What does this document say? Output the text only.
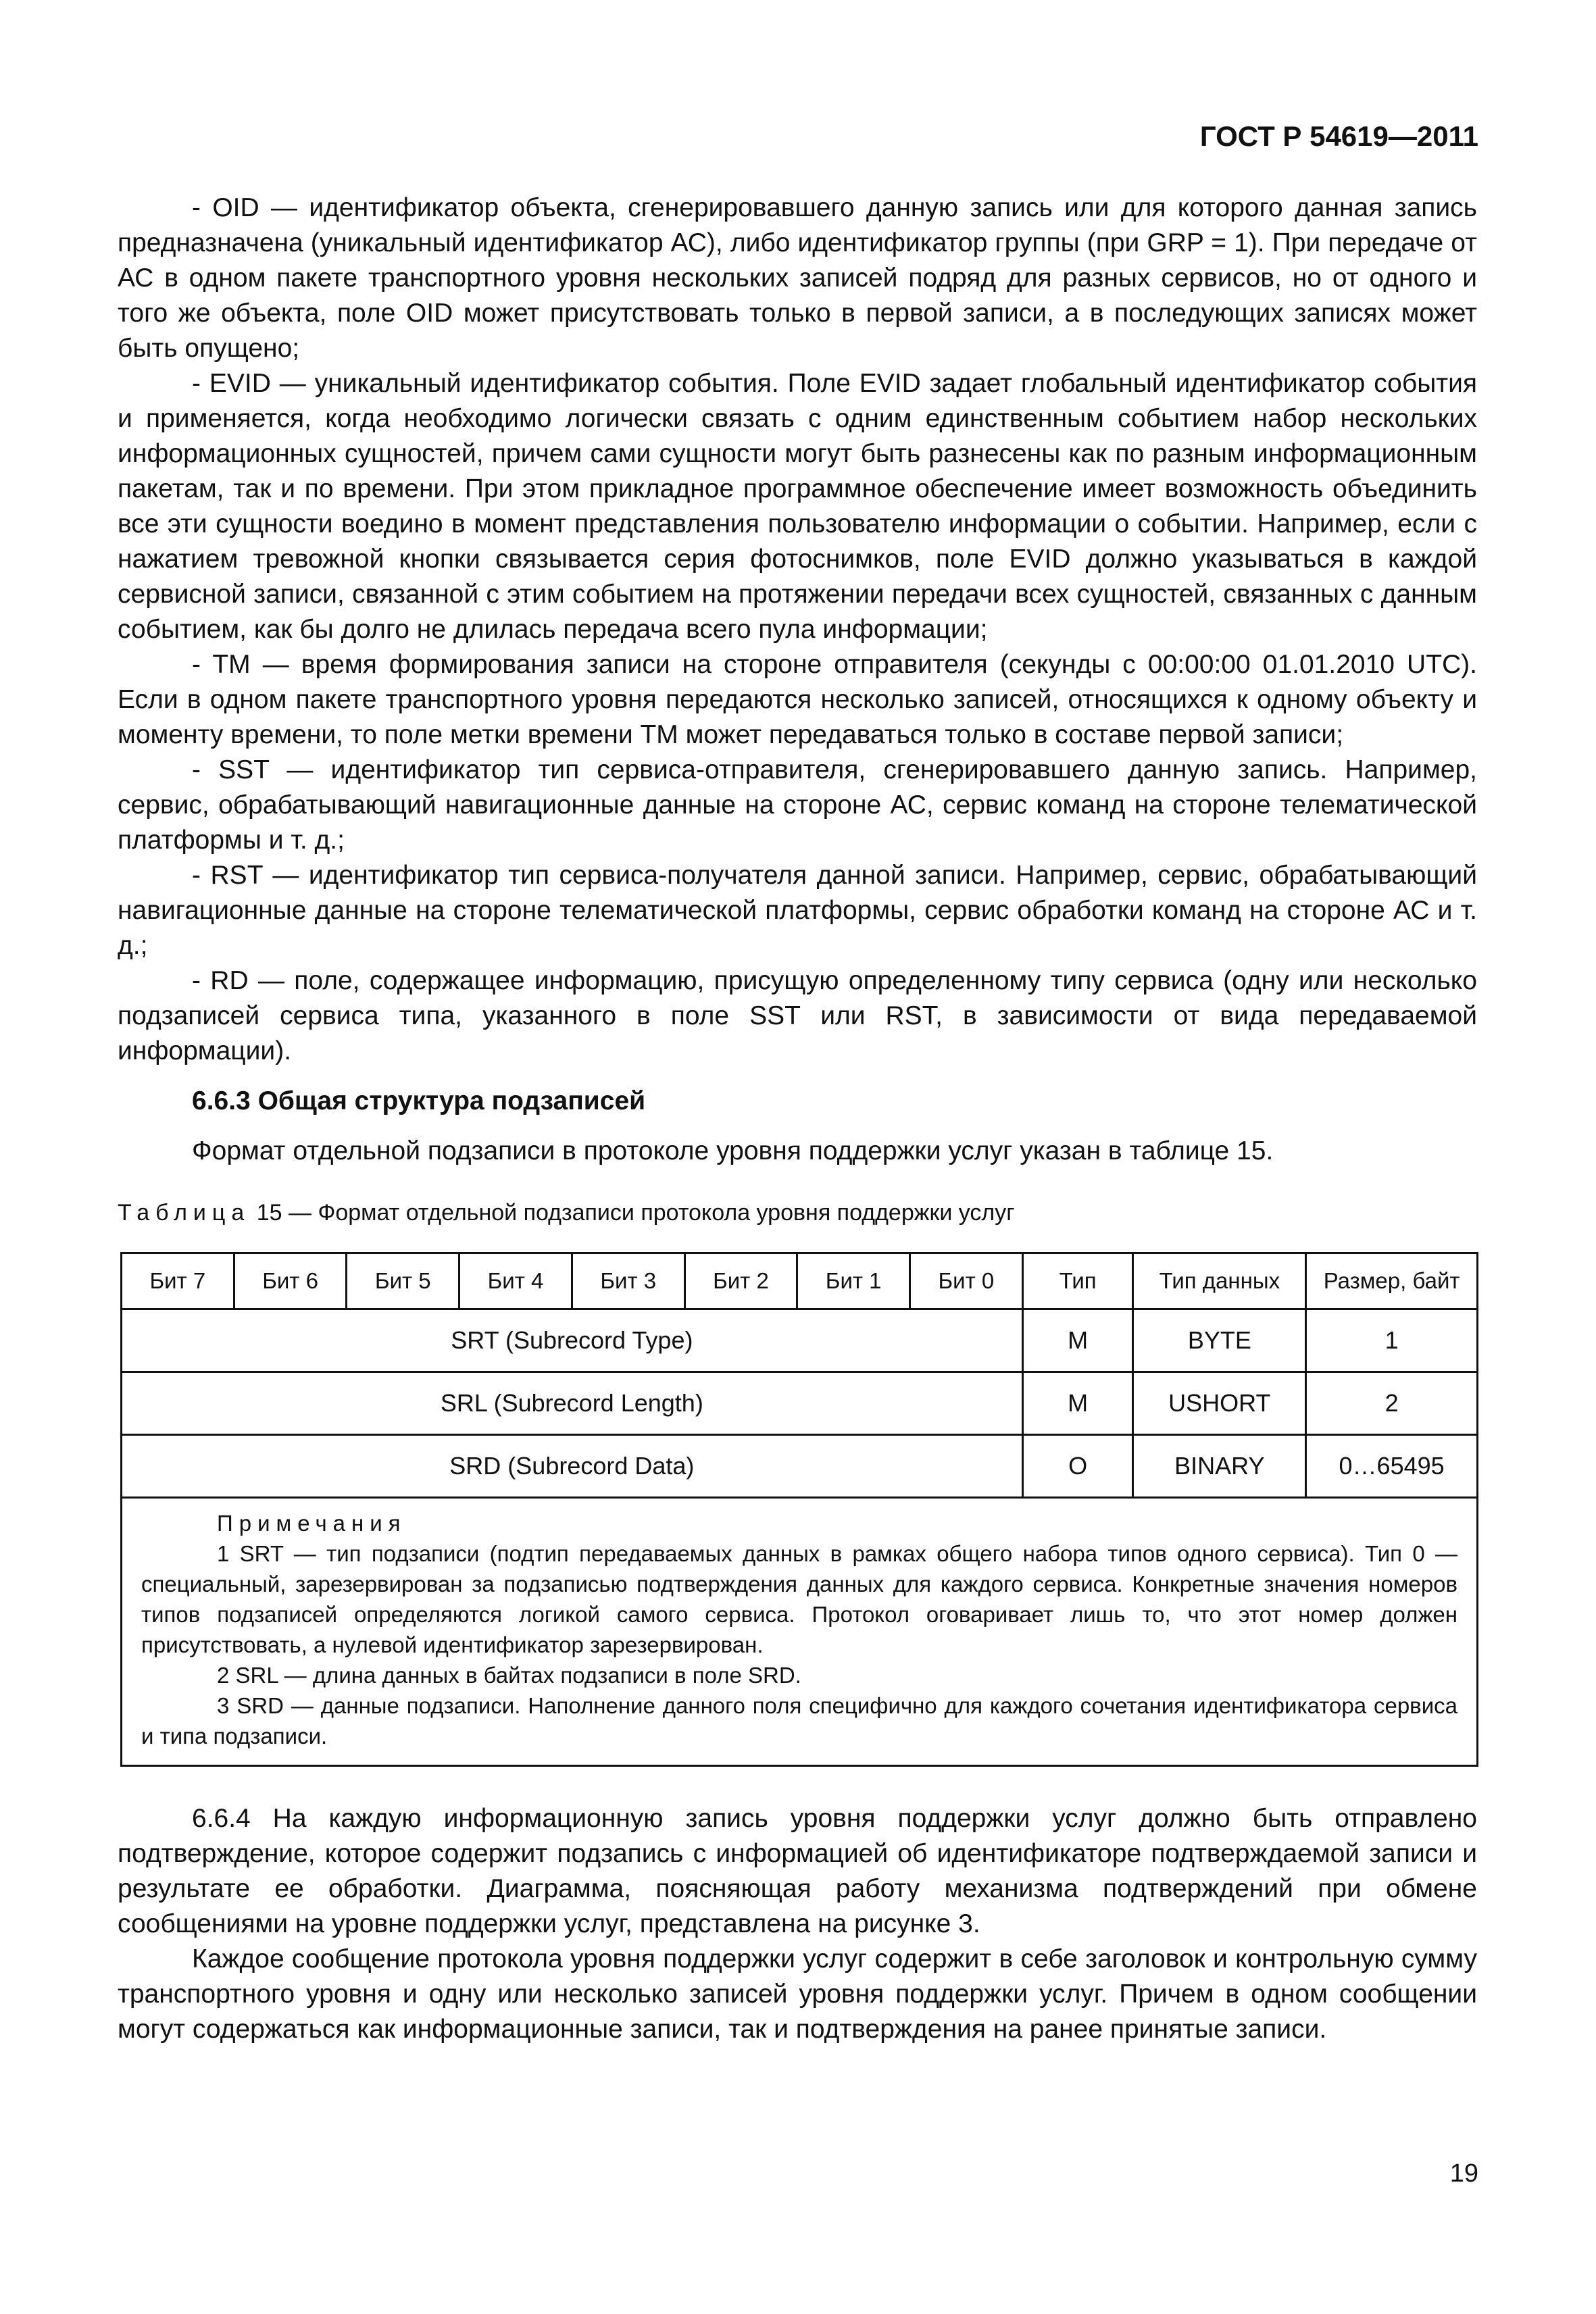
ГОСТ Р 54619—2011

- OID — идентификатор объекта, сгенерировавшего данную запись или для которого данная запись предназначена (уникальный идентификатор АС), либо идентификатор группы (при GRP = 1). При передаче от АС в одном пакете транспортного уровня нескольких записей подряд для разных сервисов, но от одного и того же объекта, поле OID может присутствовать только в первой записи, а в последующих записях может быть опущено;

- EVID — уникальный идентификатор события. Поле EVID задает глобальный идентификатор события и применяется, когда необходимо логически связать с одним единственным событием набор нескольких информационных сущностей, причем сами сущности могут быть разнесены как по разным информационным пакетам, так и по времени. При этом прикладное программное обеспечение имеет возможность объединить все эти сущности воедино в момент представления пользователю информации о событии. Например, если с нажатием тревожной кнопки связывается серия фотоснимков, поле EVID должно указываться в каждой сервисной записи, связанной с этим событием на протяжении передачи всех сущностей, связанных с данным событием, как бы долго не длилась передача всего пула информации;

- TM — время формирования записи на стороне отправителя (секунды с 00:00:00 01.01.2010 UTC). Если в одном пакете транспортного уровня передаются несколько записей, относящихся к одному объекту и моменту времени, то поле метки времени TM может передаваться только в составе первой записи;

- SST — идентификатор тип сервиса-отправителя, сгенерировавшего данную запись. Например, сервис, обрабатывающий навигационные данные на стороне АС, сервис команд на стороне телематической платформы и т. д.;

- RST — идентификатор тип сервиса-получателя данной записи. Например, сервис, обрабатывающий навигационные данные на стороне телематической платформы, сервис обработки команд на стороне АС и т. д.;

- RD — поле, содержащее информацию, присущую определенному типу сервиса (одну или несколько подзаписей сервиса типа, указанного в поле SST или RST, в зависимости от вида передаваемой информации).

6.6.3 Общая структура подзаписей

Формат отдельной подзаписи в протоколе уровня поддержки услуг указан в таблице 15.

Таблица 15 — Формат отдельной подзаписи протокола уровня поддержки услуг
Бит 7	Бит 6	Бит 5	Бит 4	Бит 3	Бит 2	Бит 1	Бит 0	Тип	Тип данных	Размер, байт
SRT (Subrecord Type)								M	BYTE	1
SRL (Subrecord Length)								M	USHORT	2
SRD (Subrecord Data)								O	BINARY	0…65495

Примечания

1 SRT — тип подзаписи (подтип передаваемых данных в рамках общего набора типов одного сервиса). Тип 0 — специальный, зарезервирован за подзаписью подтверждения данных для каждого сервиса. Конкретные значения номеров типов подзаписей определяются логикой самого сервиса. Протокол оговаривает лишь то, что этот номер должен присутствовать, а нулевой идентификатор зарезервирован.

2 SRL — длина данных в байтах подзаписи в поле SRD.

3 SRD — данные подзаписи. Наполнение данного поля специфично для каждого сочетания идентификатора сервиса и типа подзаписи.										

6.6.4 На каждую информационную запись уровня поддержки услуг должно быть отправлено подтверждение, которое содержит подзапись с информацией об идентификаторе подтверждаемой записи и результате ее обработки. Диаграмма, поясняющая работу механизма подтверждений при обмене сообщениями на уровне поддержки услуг, представлена на рисунке 3.

Каждое сообщение протокола уровня поддержки услуг содержит в себе заголовок и контрольную сумму транспортного уровня и одну или несколько записей уровня поддержки услуг. Причем в одном сообщении могут содержаться как информационные записи, так и подтверждения на ранее принятые записи.

19
